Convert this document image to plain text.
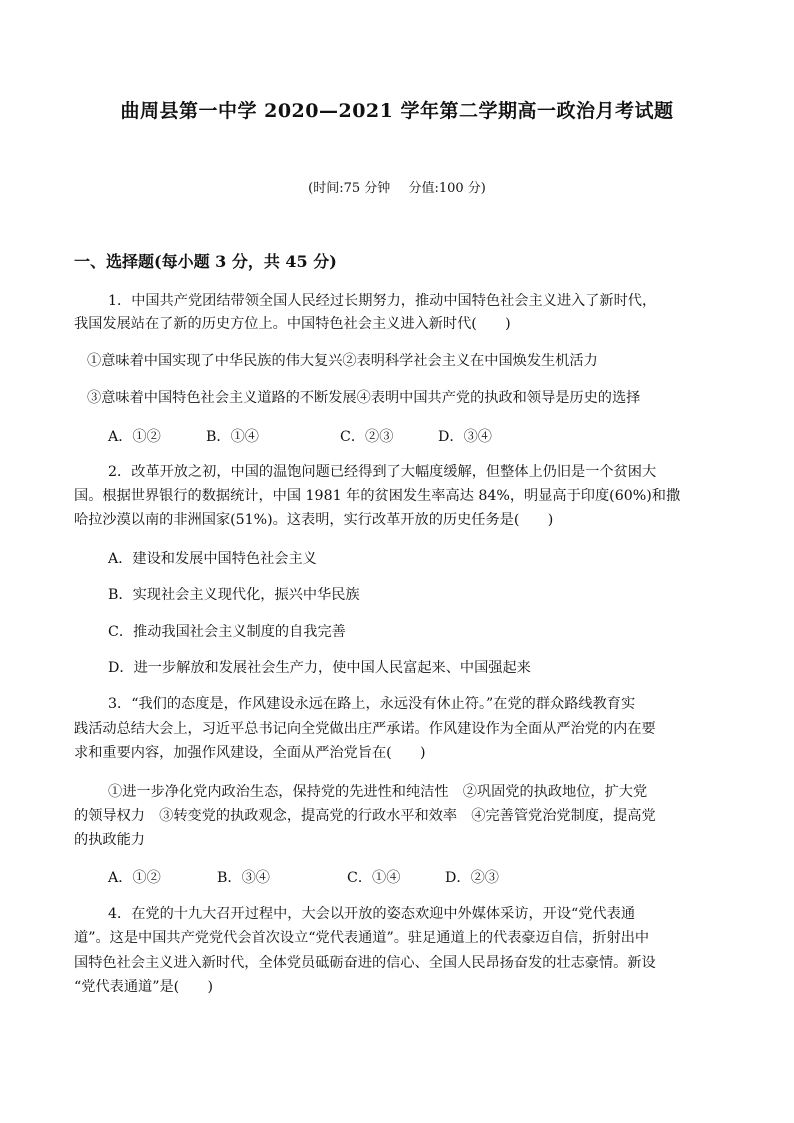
曲周县第一中学 2020—2021 学年第二学期高一政治月考试题
(时间:75 分钟 分值:100 分)
一、选择题(每小题 3 分，共 45 分)
1．中国共产党团结带领全国人民经过长期努力，推动中国特色社会主义进入了新时代，
我国发展站在了新的历史方位上。中国特色社会主义进入新时代(　　)
①意味着中国实现了中华民族的伟大复兴②表明科学社会主义在中国焕发生机活力
③意味着中国特色社会主义道路的不断发展④表明中国共产党的执政和领导是历史的选择
A．①②	B．①④	C．②③	D．③④
2．改革开放之初，中国的温饱问题已经得到了大幅度缓解，但整体上仍旧是一个贫困大
国。根据世界银行的数据统计，中国 1981 年的贫困发生率高达 84%，明显高于印度(60%)和撒
哈拉沙漠以南的非洲国家(51%)。这表明，实行改革开放的历史任务是(　　)
A．建设和发展中国特色社会主义
B．实现社会主义现代化，振兴中华民族
C．推动我国社会主义制度的自我完善
D．进一步解放和发展社会生产力，使中国人民富起来、中国强起来
3．“我们的态度是，作风建设永远在路上，永远没有休止符。”在党的群众路线教育实
践活动总结大会上，习近平总书记向全党做出庄严承诺。作风建设作为全面从严治党的内在要
求和重要内容，加强作风建设，全面从严治党旨在(　　)
①进一步净化党内政治生态，保持党的先进性和纯洁性　②巩固党的执政地位，扩大党
的领导权力　③转变党的执政观念，提高党的行政水平和效率　④完善管党治党制度，提高党
的执政能力
A．①②	B．③④	C．①④	D．②③
4．在党的十九大召开过程中，大会以开放的姿态欢迎中外媒体采访，开设“党代表通
道”。这是中国共产党党代会首次设立“党代表通道”。驻足通道上的代表豪迈自信，折射出中
国特色社会主义进入新时代，全体党员砥砺奋进的信心、全国人民昂扬奋发的壮志豪情。新设
“党代表通道”是(　　)
